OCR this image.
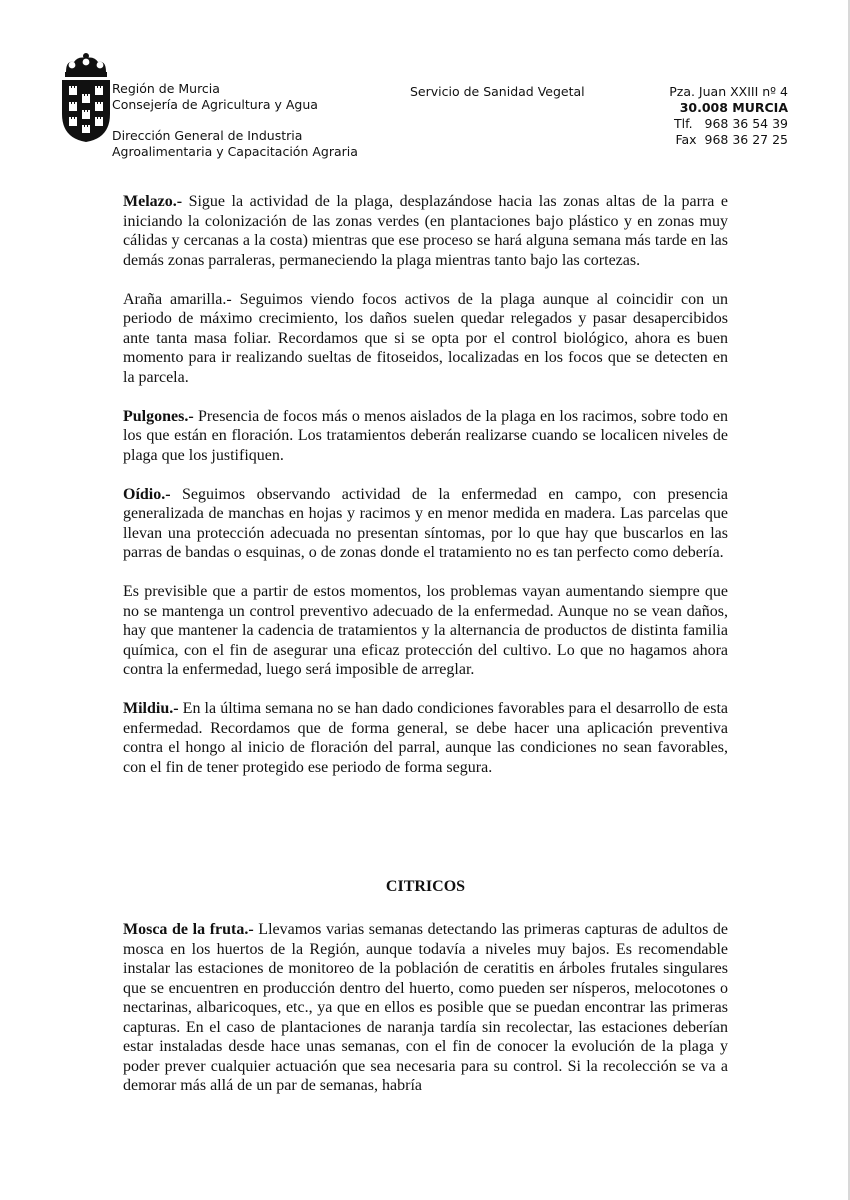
Región de Murcia
Consejería de Agricultura y Agua
Dirección General de Industria
Agroalimentaria y Capacitación Agraria
Servicio de Sanidad Vegetal	Pza. Juan XXIII nº 4
30.008 MURCIA
Tlf.   968 36 54 39
Fax  968 36 27 25

Melazo.- Sigue la actividad de la plaga, desplazándose hacia las zonas altas de la parra e iniciando la colonización de las zonas verdes (en plantaciones bajo plástico y en zonas muy cálidas y cercanas a la costa) mientras que ese proceso se hará alguna semana más tarde en las demás zonas parraleras, permaneciendo la plaga mientras tanto bajo las cortezas.

Araña amarilla.- Seguimos viendo focos activos de la plaga aunque al coincidir con un periodo de máximo crecimiento, los daños suelen quedar relegados y pasar desapercibidos ante tanta masa foliar. Recordamos que si se opta por el control biológico, ahora es buen momento para ir realizando sueltas de fitoseidos, localizadas en los focos que se detecten en la parcela.

Pulgones.- Presencia de focos más o menos aislados de la plaga en los racimos, sobre todo en los que están en floración. Los tratamientos deberán realizarse cuando se localicen niveles de plaga que los justifiquen.

Oídio.- Seguimos observando actividad de la enfermedad en campo, con presencia generalizada de manchas en hojas y racimos y en menor medida en madera. Las parcelas que llevan una protección adecuada no presentan síntomas, por lo que hay que buscarlos en las parras de bandas o esquinas, o de zonas donde el tratamiento no es tan perfecto como debería.

Es previsible que a partir de estos momentos, los problemas vayan aumentando siempre que no se mantenga un control preventivo adecuado de la enfermedad. Aunque no se vean daños, hay que mantener la cadencia de tratamientos y la alternancia de productos de distinta familia química, con el fin de asegurar una eficaz protección del cultivo. Lo que no hagamos ahora contra la enfermedad, luego será imposible de arreglar.

Mildiu.- En la última semana no se han dado condiciones favorables para el desarrollo de esta enfermedad. Recordamos que de forma general, se debe hacer una aplicación preventiva contra el hongo al inicio de floración del parral, aunque las condiciones no sean favorables, con el fin de tener protegido ese periodo de forma segura.

CITRICOS

Mosca de la fruta.- Llevamos varias semanas detectando las primeras capturas de adultos de mosca en los huertos de la Región, aunque todavía a niveles muy bajos. Es recomendable instalar las estaciones de monitoreo de la población de ceratitis en árboles frutales singulares que se encuentren en producción dentro del huerto, como pueden ser nísperos, melocotones o nectarinas, albaricoques, etc., ya que en ellos es posible que se puedan encontrar las primeras capturas. En el caso de plantaciones de naranja tardía sin recolectar, las estaciones deberían estar instaladas desde hace unas semanas, con el fin de conocer la evolución de la plaga y poder prever cualquier actuación que sea necesaria para su control. Si la recolección se va a demorar más allá de un par de semanas, habría
